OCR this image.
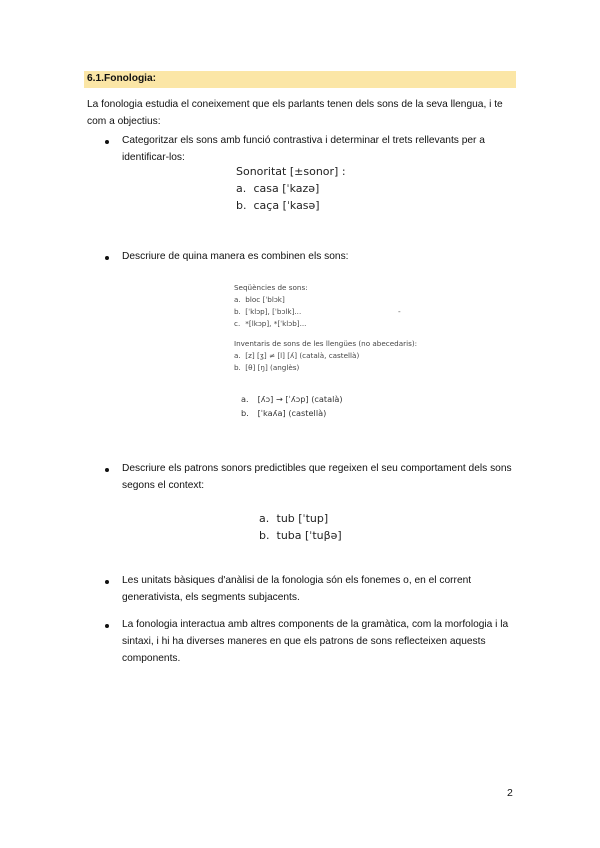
6.1.Fonologia:
La fonologia estudia el coneixement que els parlants tenen dels sons de la seva llengua, i te
com a objectius:
Categoritzar els sons amb funció contrastiva i determinar el trets rellevants per a
identificar-los:
Sonoritat [±sonor] :
a. casa [ˈkazə]
b. caça [ˈkasə]
Descriure de quina manera es combinen els sons:
Seqüències de sons:
a. bloc [ˈblɔk]
b. [ˈklɔp], [ˈbɔlk]...
c. *[lkɔp], *[ˈklɔb]...
Inventaris de sons de les llengües (no abecedaris):
a. [z] [ʒ] ≠ [l] [ʎ] (català, castellà)
b. [θ] [ŋ] (anglès)
-
a. [ʎɔ] → [ˈʎɔp] (català)
b. [ˈkaʎa] (castellà)
Descriure els patrons sonors predictibles que regeixen el seu comportament dels sons
segons el context:
a. tub [ˈtup]
b. tuba [ˈtuβə]
Les unitats bàsiques d'anàlisi de la fonologia són els fonemes o, en el corrent
generativista, els segments subjacents.
La fonologia interactua amb altres components de la gramàtica, com la morfologia i la
sintaxi, i hi ha diverses maneres en que els patrons de sons reflecteixen aquests
components.
2
